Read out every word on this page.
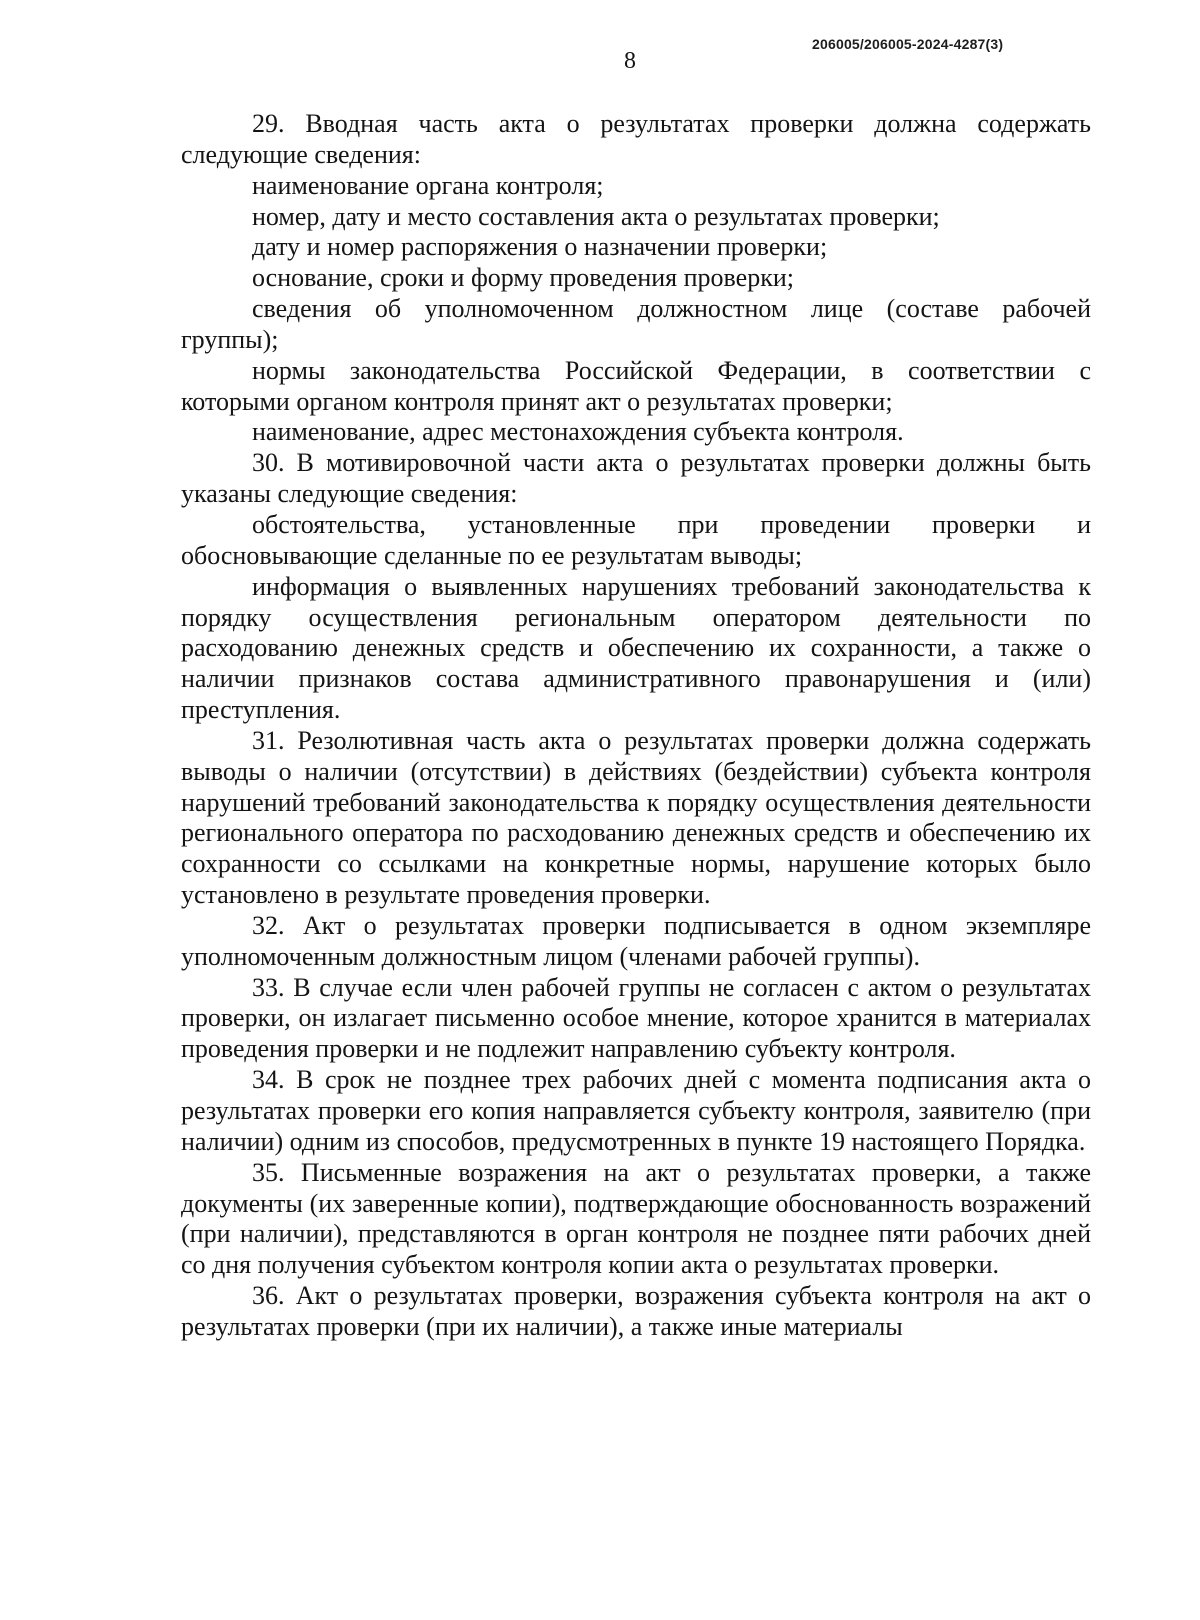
8
206005/206005-2024-4287(3)

29. Вводная часть акта о результатах проверки должна содержать следующие сведения:

наименование органа контроля;

номер, дату и место составления акта о результатах проверки;

дату и номер распоряжения о назначении проверки;

основание, сроки и форму проведения проверки;

сведения об уполномоченном должностном лице (составе рабочей группы);

нормы законодательства Российской Федерации, в соответствии с которыми органом контроля принят акт о результатах проверки;

наименование, адрес местонахождения субъекта контроля.

30. В мотивировочной части акта о результатах проверки должны быть указаны следующие сведения:

обстоятельства, установленные при проведении проверки и обосновывающие сделанные по ее результатам выводы;

информация о выявленных нарушениях требований законодательства к порядку осуществления региональным оператором деятельности по расходованию денежных средств и обеспечению их сохранности, а также о наличии признаков состава административного правонарушения и (или) преступления.

31. Резолютивная часть акта о результатах проверки должна содержать выводы о наличии (отсутствии) в действиях (бездействии) субъекта контроля нарушений требований законодательства к порядку осуществления деятельности регионального оператора по расходованию денежных средств и обеспечению их сохранности со ссылками на конкретные нормы, нарушение которых было установлено в результате проведения проверки.

32. Акт о результатах проверки подписывается в одном экземпляре уполномоченным должностным лицом (членами рабочей группы).

33. В случае если член рабочей группы не согласен с актом о результатах проверки, он излагает письменно особое мнение, которое хранится в материалах проведения проверки и не подлежит направлению субъекту контроля.

34. В срок не позднее трех рабочих дней с момента подписания акта о результатах проверки его копия направляется субъекту контроля, заявителю (при наличии) одним из способов, предусмотренных в пункте 19 настоящего Порядка.

35. Письменные возражения на акт о результатах проверки, а также документы (их заверенные копии), подтверждающие обоснованность возражений (при наличии), представляются в орган контроля не позднее пяти рабочих дней со дня получения субъектом контроля копии акта о результатах проверки.

36. Акт о результатах проверки, возражения субъекта контроля на акт о результатах проверки (при их наличии), а также иные материалы
